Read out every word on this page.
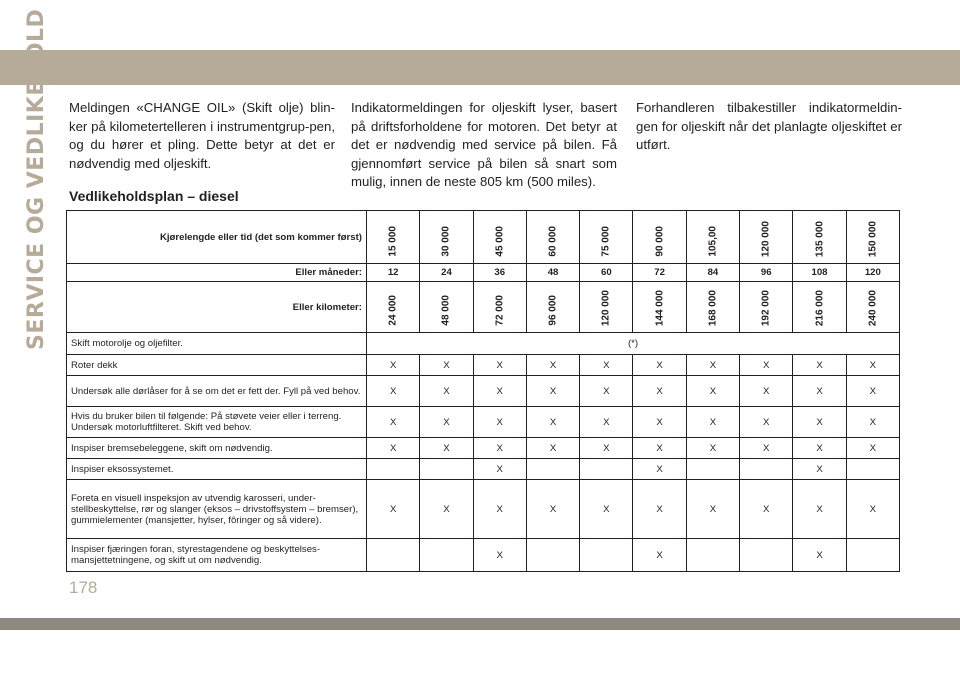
SERVICE OG VEDLIKEHOLD Meldingen «CHANGE OIL» (Skift olje) blin-ker på kilometertelleren i instrumentgrup-pen, og du hører et pling. Dette betyr at det er nødvendig med oljeskift.
Indikatormeldingen for oljeskift lyser, basert på driftsforholdene for motoren. Det betyr at det er nødvendig med service på bilen. Få gjennomført service på bilen så snart som mulig, innen de neste 805 km (500 miles).
Forhandleren tilbakestiller indikatormeldin-gen for oljeskift når det planlagte oljeskiftet er utført.
Vedlikeholdsplan – diesel
Kjørelengde eller tid (det som kommer først)	15 000	30 000	45 000	60 000	75 000	90 000	105,00	120 000	135 000	150 000

Eller måneder:	12	24	36	48	60	72	84	96	108	120
Eller kilometer:	24 000	48 000	72 000	96 000	120 000	144 000	168 000	192 000	216 000	240 000

Skift motorolje og oljefilter.	(*)									
Roter dekk	X	X	X	X	X	X	X	X	X	X
Undersøk alle dørlåser for å se om det er fett der. Fyll på ved behov.	X	X	X	X	X	X	X	X	X	X
Hvis du bruker bilen til følgende: På støvete veier eller i terreng. Undersøk motorluftfilteret. Skift ved behov.	X	X	X	X	X	X	X	X	X	X
Inspiser bremsebeleggene, skift om nødvendig.	X	X	X	X	X	X	X	X	X	X
Inspiser eksossystemet.			X			X			X	
Foreta en visuell inspeksjon av utvendig karosseri, under-stellbeskyttelse, rør og slanger (eksos – drivstoffsystem – bremser), gummielementer (mansjetter, hylser, fôringer og så videre).	X	X	X	X	X	X	X	X	X	X
Inspiser fjæringen foran, styrestagendene og beskyttelses-mansjettetningene, og skift ut om nødvendig.			X			X			X	
178
